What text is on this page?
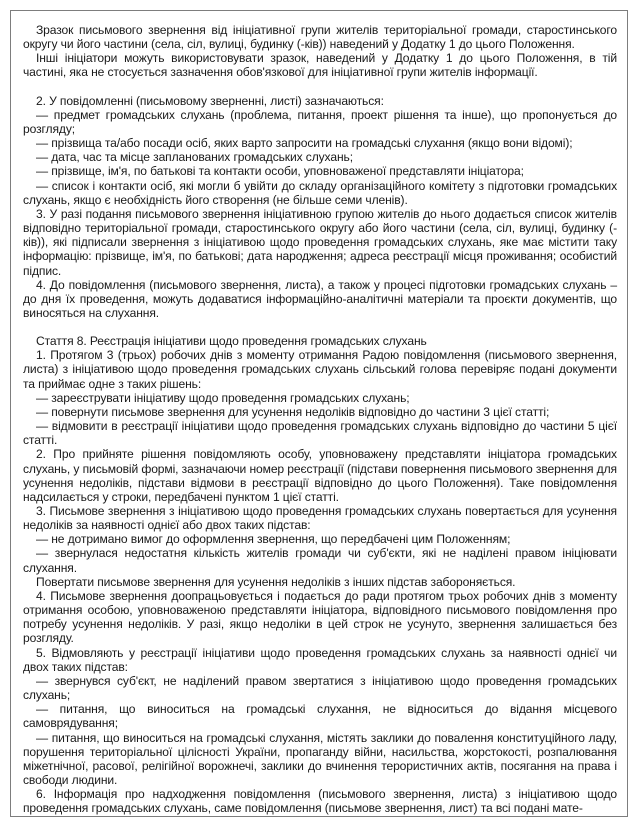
Зразок письмового звернення від ініціативної групи жителів територіальної громади, старостинського округу чи його частини (села, сіл, вулиці, будинку (-ків)) наведений у Додатку 1 до цього Положення.

Інші ініціатори можуть використовувати зразок, наведений у Додатку 1 до цього Положення, в тій частині, яка не стосується зазначення обов'язкової для ініціативної групи жителів інформації.

2. У повідомленні (письмовому зверненні, листі) зазначаються:

— предмет громадських слухань (проблема, питання, проект рішення та інше), що пропонується до розгляду;

— прізвища та/або посади осіб, яких варто запросити на громадські слухання (якщо вони відомі);

— дата, час та місце запланованих громадських слухань;

— прізвище, ім'я, по батькові та контакти особи, уповноваженої представляти ініціатора;

— список і контакти осіб, які могли б увійти до складу організаційного комітету з підготовки громадських слухань, якщо є необхідність його створення (не більше семи членів).

3. У разі подання письмового звернення ініціативною групою жителів до нього додається список жителів відповідно територіальної громади, старостинського округу або його частини (села, сіл, вулиці, будинку (-ків)), які підписали звернення з ініціативою щодо проведення громадських слухань, яке має містити таку інформацію: прізвище, ім'я, по батькові; дата народження; адреса реєстрації місця проживання; особистий підпис.

4. До повідомлення (письмового звернення, листа), а також у процесі підготовки громадських слухань – до дня їх проведення, можуть додаватися інформаційно-аналітичні матеріали та проєкти документів, що виносяться на слухання.

Стаття 8. Реєстрація ініціативи щодо проведення громадських слухань

1. Протягом 3 (трьох) робочих днів з моменту отримання Радою повідомлення (письмового звернення, листа) з ініціативою щодо проведення громадських слухань сільський голова перевіряє подані документи та приймає одне з таких рішень:

— зареєструвати ініціативу щодо проведення громадських слухань;

— повернути письмове звернення для усунення недоліків відповідно до частини 3 цієї статті;

— відмовити в реєстрації ініціативи щодо проведення громадських слухань відповідно до частини 5 цієї статті.

2. Про прийняте рішення повідомляють особу, уповноважену представляти ініціатора громадських слухань, у письмовій формі, зазначаючи номер реєстрації (підстави повернення письмового звернення для усунення недоліків, підстави відмови в реєстрації відповідно до цього Положення). Таке повідомлення надсилається у строки, передбачені пунктом 1 цієї статті.

3. Письмове звернення з ініціативою щодо проведення громадських слухань повертається для усунення недоліків за наявності однієї або двох таких підстав:

— не дотримано вимог до оформлення звернення, що передбачені цим Положенням;

— звернулася недостатня кількість жителів громади чи суб'єкти, які не наділені правом ініціювати слухання.

Повертати письмове звернення для усунення недоліків з інших підстав забороняється.

4. Письмове звернення доопрацьовується і подається до ради протягом трьох робочих днів з моменту отримання особою, уповноваженою представляти ініціатора, відповідного письмового повідомлення про потребу усунення недоліків. У разі, якщо недоліки в цей строк не усунуто, звернення залишається без розгляду.

5. Відмовляють у реєстрації ініціативи щодо проведення громадських слухань за наявності однієї чи двох таких підстав:

— звернувся суб'єкт, не наділений правом звертатися з ініціативою щодо проведення громадських слухань;

— питання, що виноситься на громадські слухання, не відноситься до відання місцевого самоврядування;

— питання, що виноситься на громадські слухання, містять заклики до повалення конституційного ладу, порушення територіальної цілісності України, пропаганду війни, насильства, жорстокості, розпалювання міжетнічної, расової, релігійної ворожнечі, заклики до вчинення терористичних актів, посягання на права і свободи людини.

6. Інформація про надходження повідомлення (письмового звернення, листа) з ініціативою щодо проведення громадських слухань, саме повідомлення (письмове звернення, лист) та всі подані мате-
